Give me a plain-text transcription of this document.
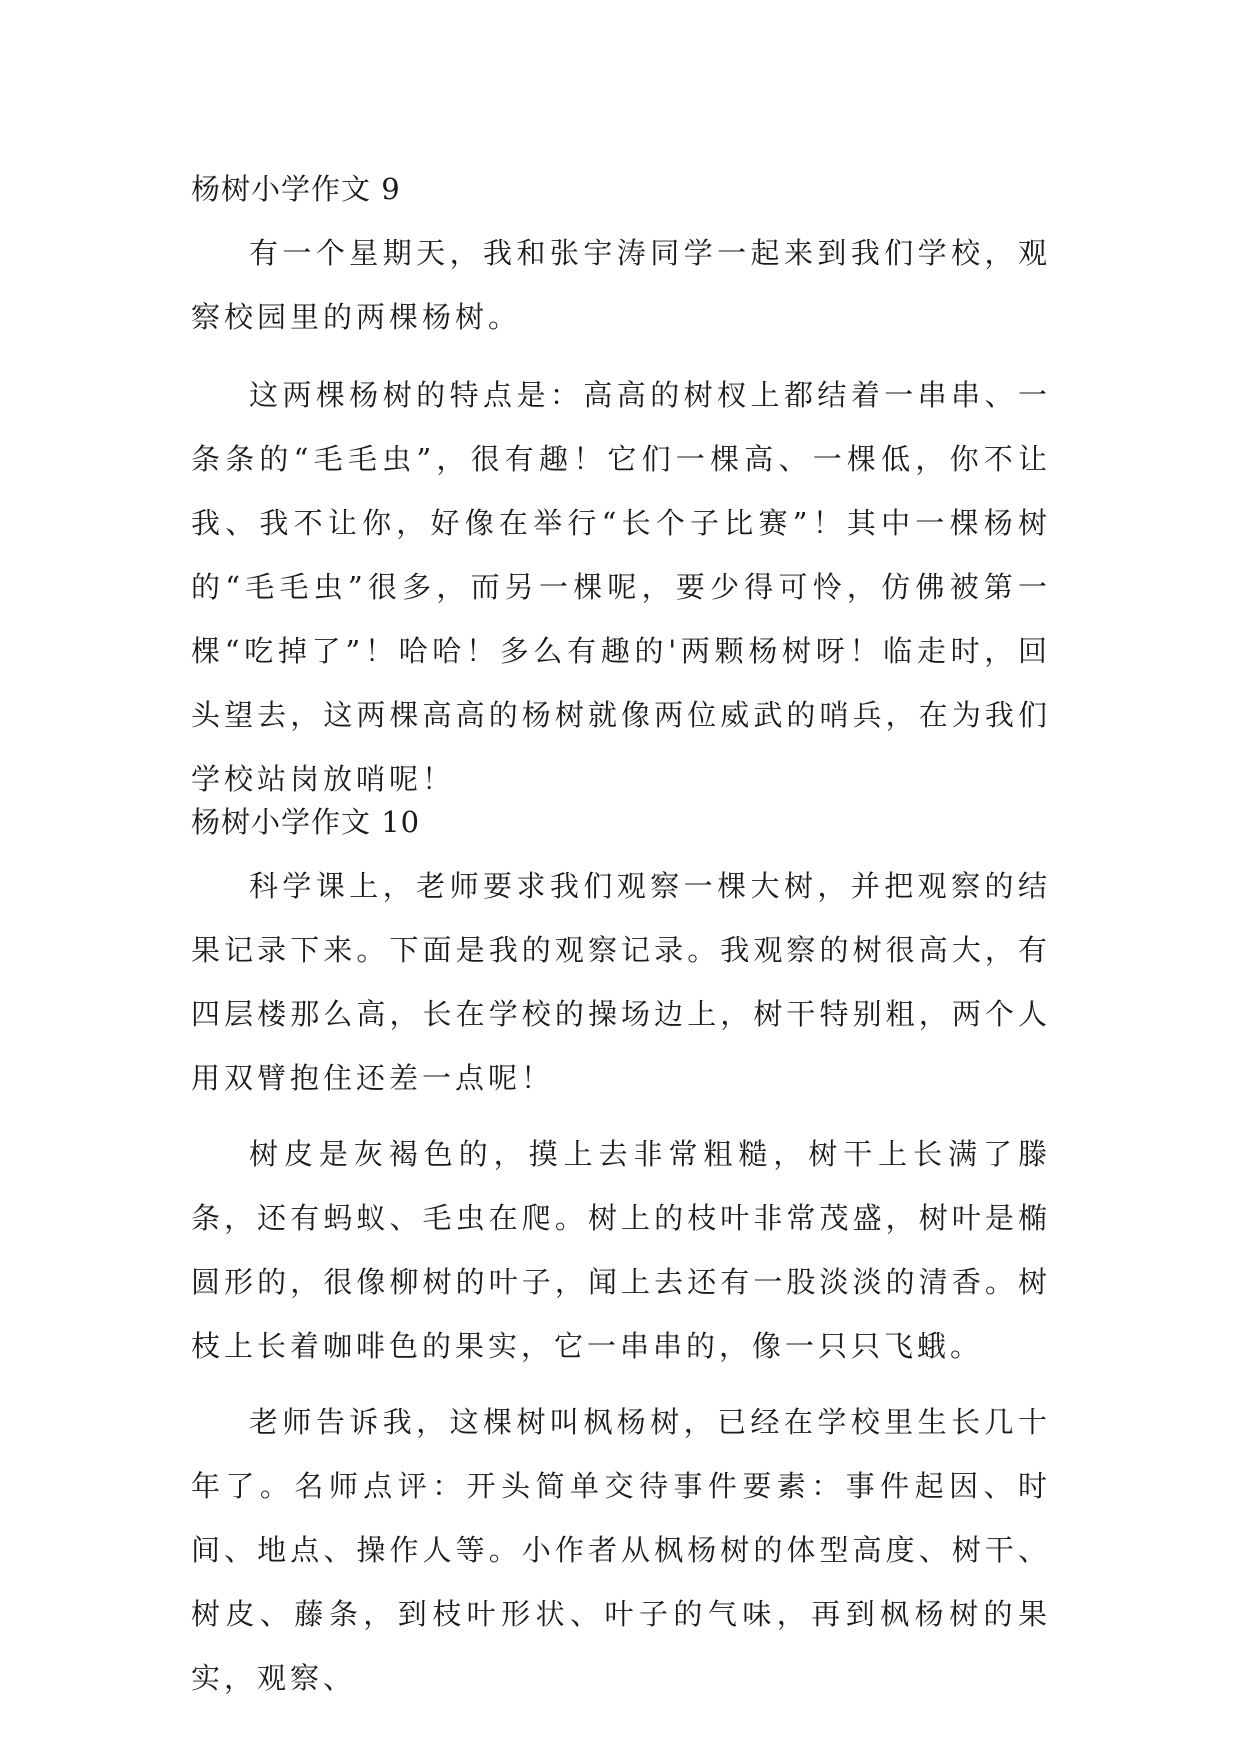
杨树小学作文 9

有一个星期天，我和张宇涛同学一起来到我们学校，观察校园里的两棵杨树。

这两棵杨树的特点是：高高的树杈上都结着一串串、一条条的“毛毛虫”，很有趣！它们一棵高、一棵低，你不让我、我不让你，好像在举行“长个子比赛”！其中一棵杨树的“毛毛虫”很多，而另一棵呢，要少得可怜，仿佛被第一棵“吃掉了”！哈哈！多么有趣的'两颗杨树呀！临走时，回头望去，这两棵高高的杨树就像两位威武的哨兵，在为我们学校站岗放哨呢！

杨树小学作文 10

科学课上，老师要求我们观察一棵大树，并把观察的结果记录下来。下面是我的观察记录。我观察的树很高大，有四层楼那么高，长在学校的操场边上，树干特别粗，两个人用双臂抱住还差一点呢！

树皮是灰褐色的，摸上去非常粗糙，树干上长满了滕条，还有蚂蚁、毛虫在爬。树上的枝叶非常茂盛，树叶是椭圆形的，很像柳树的叶子，闻上去还有一股淡淡的清香。树枝上长着咖啡色的果实，它一串串的，像一只只飞蛾。

老师告诉我，这棵树叫枫杨树，已经在学校里生长几十年了。名师点评：开头简单交待事件要素：事件起因、时间、地点、操作人等。小作者从枫杨树的体型高度、树干、树皮、藤条，到枝叶形状、叶子的气味，再到枫杨树的果实，观察、
